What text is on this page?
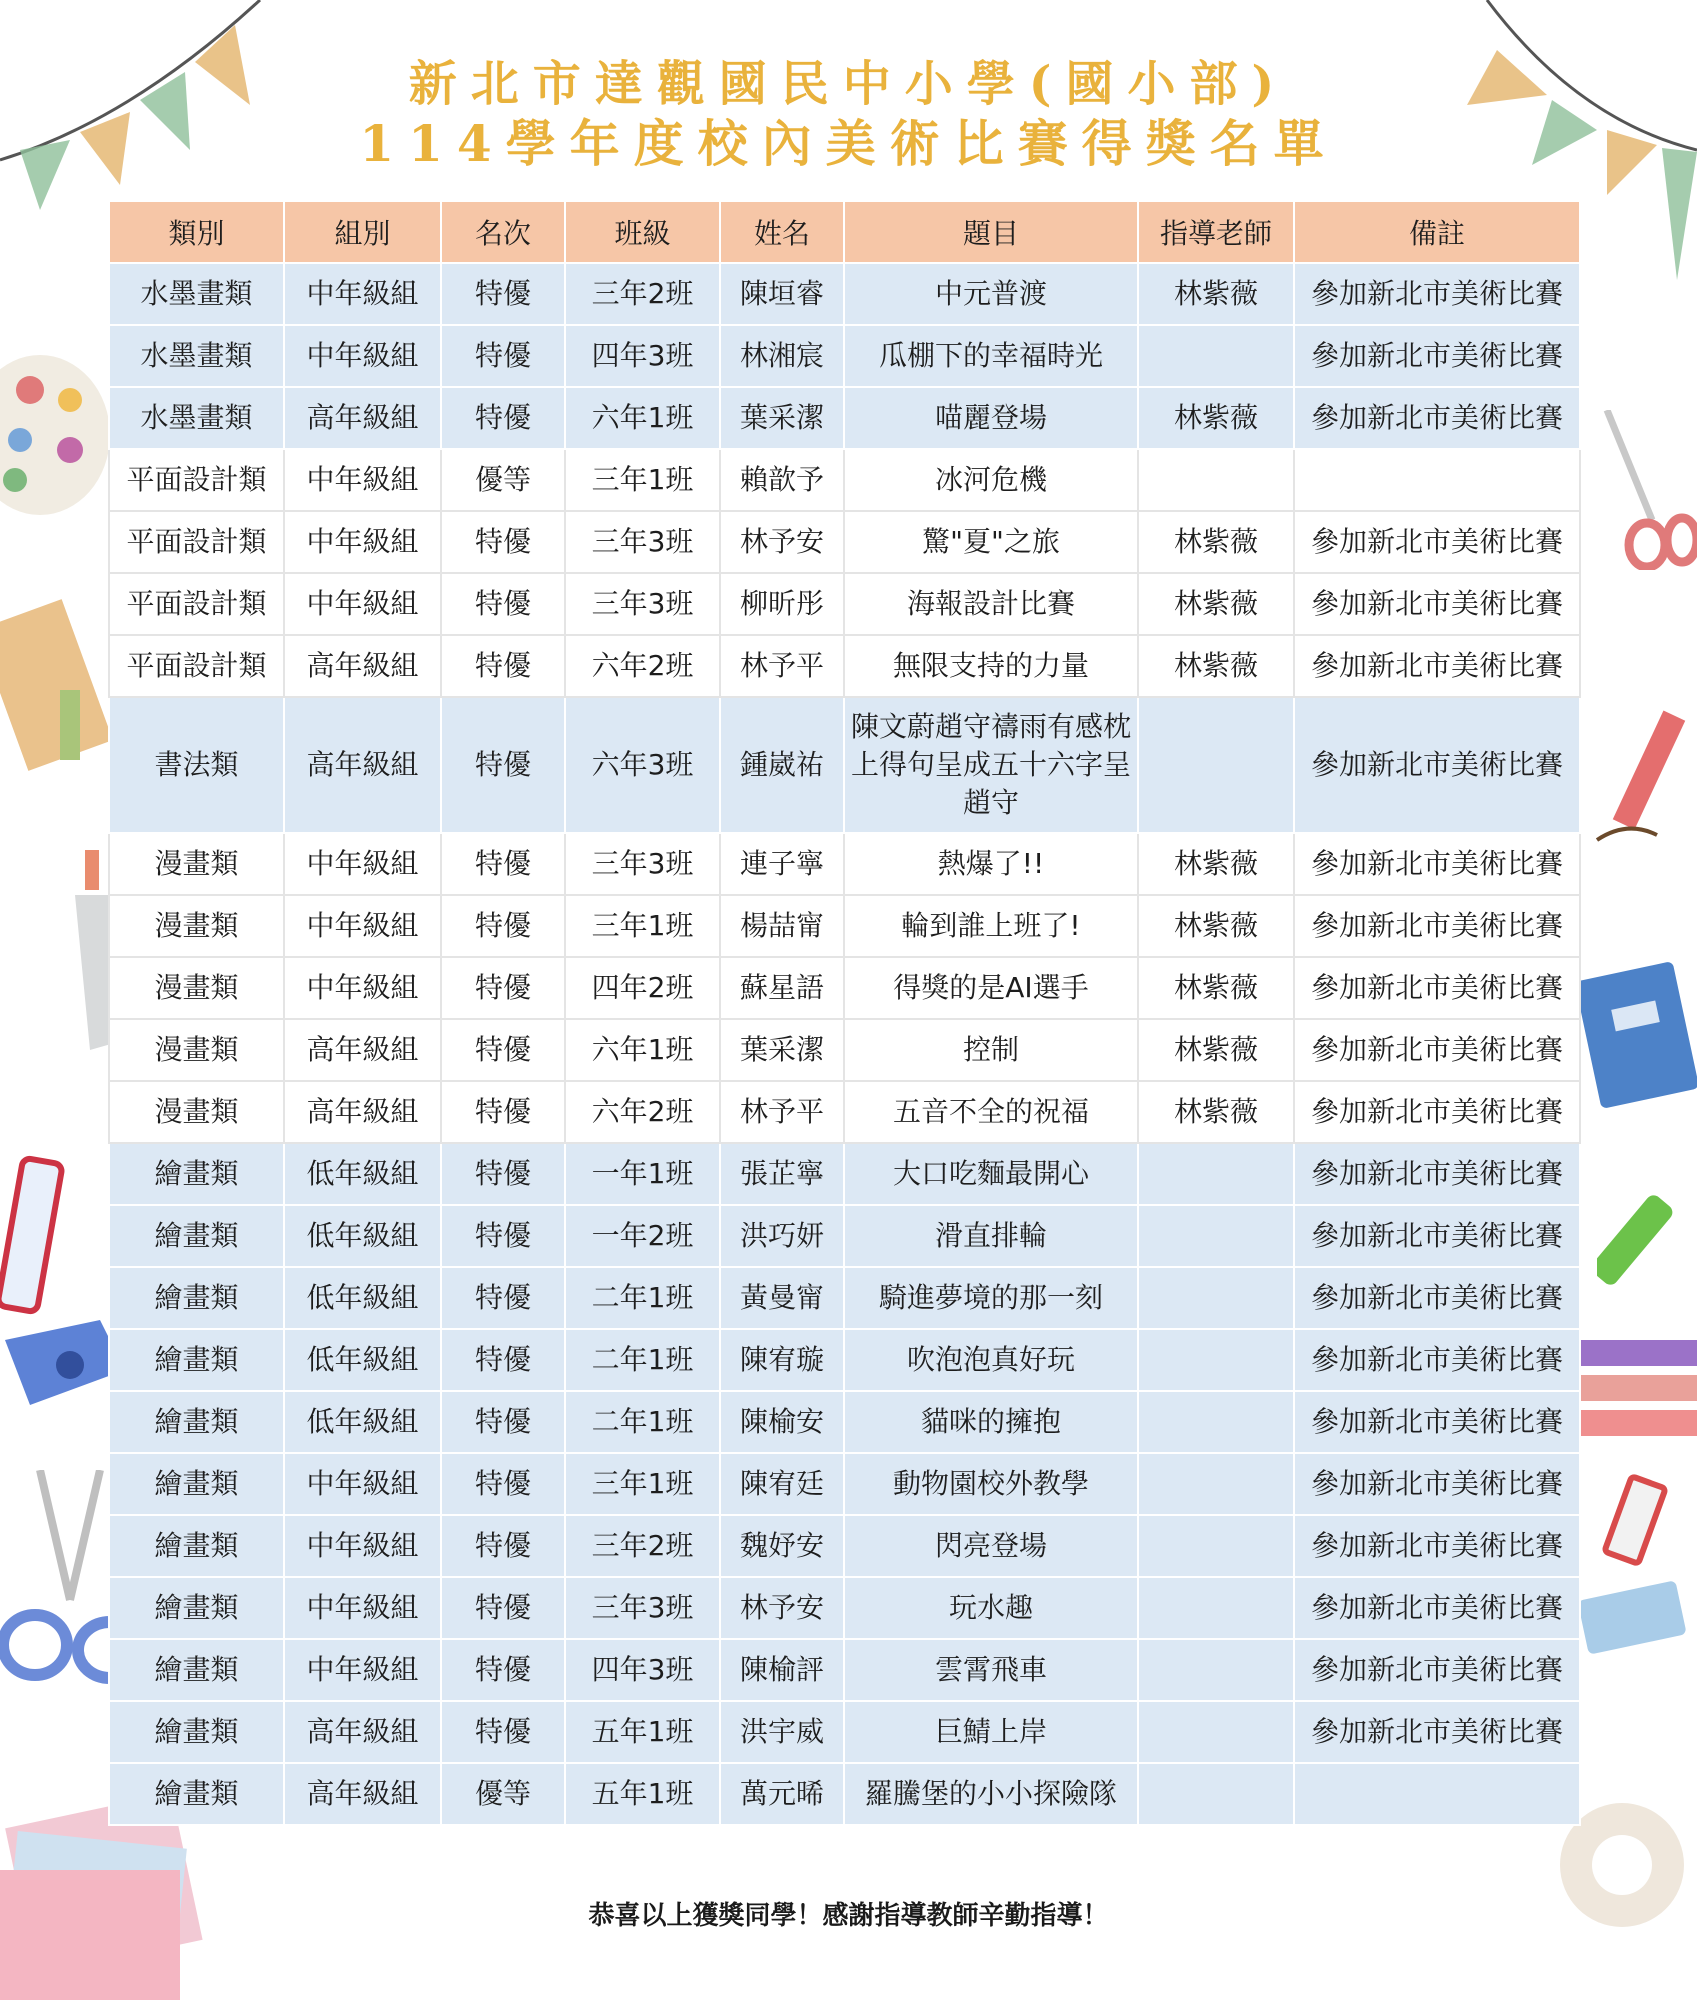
新北市達觀國民中小學(國小部)
114學年度校內美術比賽得獎名單
類別	組別	名次	班級	姓名	題目	指導老師	備註
水墨畫類	中年級組	特優	三年2班	陳垣睿	中元普渡	林紫薇	參加新北市美術比賽
水墨畫類	中年級組	特優	四年3班	林湘宸	瓜棚下的幸福時光		參加新北市美術比賽
水墨畫類	高年級組	特優	六年1班	葉采潔	喵麗登場	林紫薇	參加新北市美術比賽
平面設計類	中年級組	優等	三年1班	賴歆予	冰河危機		
平面設計類	中年級組	特優	三年3班	林予安	驚"夏"之旅	林紫薇	參加新北市美術比賽
平面設計類	中年級組	特優	三年3班	柳昕彤	海報設計比賽	林紫薇	參加新北市美術比賽
平面設計類	高年級組	特優	六年2班	林予平	無限支持的力量	林紫薇	參加新北市美術比賽
書法類	高年級組	特優	六年3班	鍾崴祐	陳文蔚趙守禱雨有感枕上得句呈成五十六字呈趙守		參加新北市美術比賽
漫畫類	中年級組	特優	三年3班	連子寧	熱爆了!!	林紫薇	參加新北市美術比賽
漫畫類	中年級組	特優	三年1班	楊喆甯	輪到誰上班了!	林紫薇	參加新北市美術比賽
漫畫類	中年級組	特優	四年2班	蘇星語	得獎的是AI選手	林紫薇	參加新北市美術比賽
漫畫類	高年級組	特優	六年1班	葉采潔	控制	林紫薇	參加新北市美術比賽
漫畫類	高年級組	特優	六年2班	林予平	五音不全的祝福	林紫薇	參加新北市美術比賽
繪畫類	低年級組	特優	一年1班	張芷寧	大口吃麵最開心		參加新北市美術比賽
繪畫類	低年級組	特優	一年2班	洪巧妍	滑直排輪		參加新北市美術比賽
繪畫類	低年級組	特優	二年1班	黃曼甯	騎進夢境的那一刻		參加新北市美術比賽
繪畫類	低年級組	特優	二年1班	陳宥璇	吹泡泡真好玩		參加新北市美術比賽
繪畫類	低年級組	特優	二年1班	陳榆安	貓咪的擁抱		參加新北市美術比賽
繪畫類	中年級組	特優	三年1班	陳宥廷	動物園校外教學		參加新北市美術比賽
繪畫類	中年級組	特優	三年2班	魏妤安	閃亮登場		參加新北市美術比賽
繪畫類	中年級組	特優	三年3班	林予安	玩水趣		參加新北市美術比賽
繪畫類	中年級組	特優	四年3班	陳榆評	雲霄飛車		參加新北市美術比賽
繪畫類	高年級組	特優	五年1班	洪宇威	巨鯖上岸		參加新北市美術比賽
繪畫類	高年級組	優等	五年1班	萬元晞	羅騰堡的小小探險隊		
恭喜以上獲獎同學！感謝指導教師辛勤指導！
